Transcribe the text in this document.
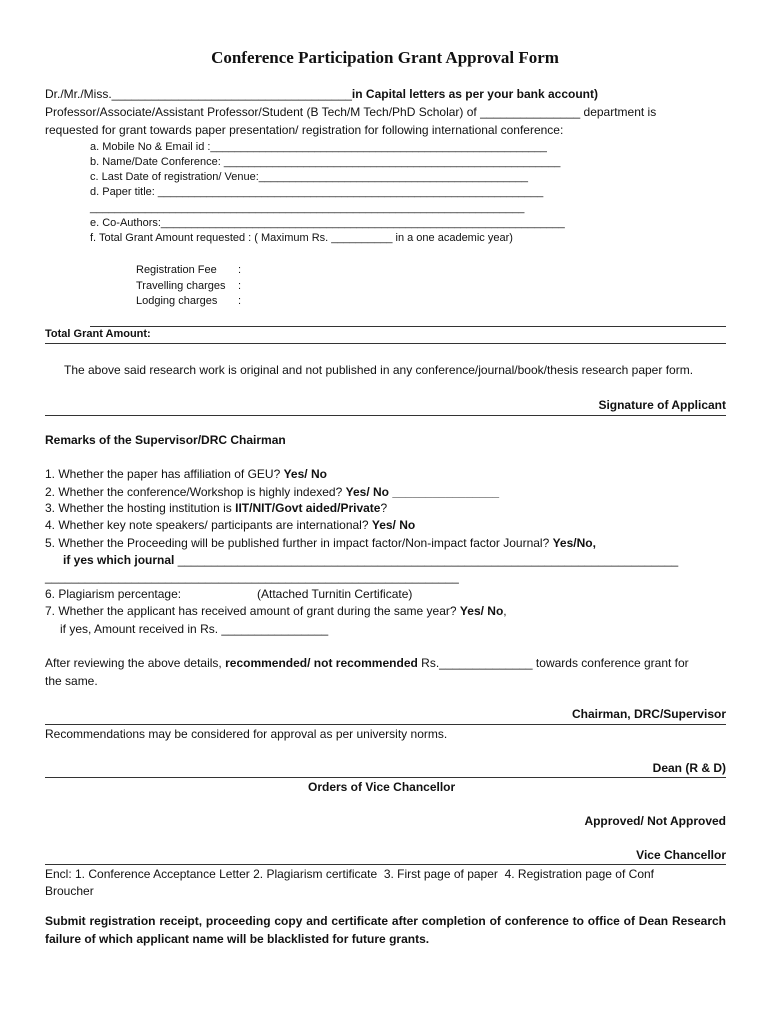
Conference Participation Grant Approval Form
Dr./Mr./Miss.____________________________________in Capital letters as per your bank account)
Professor/Associate/Assistant Professor/Student (B Tech/M Tech/PhD Scholar) of _______________ department is
requested for grant towards paper presentation/ registration for following international conference:
a. Mobile No & Email id :_______________________________________________________
b. Name/Date Conference: _______________________________________________________
c. Last Date of registration/ Venue:____________________________________________
d. Paper title: _______________________________________________________________
_______________________________________________________________________
e. Co-Authors:__________________________________________________________________
f. Total Grant Amount requested : ( Maximum Rs. __________ in a one academic year)
Registration Fee :
Travelling charges :
Lodging charges :
Total Grant Amount:
The above said research work is original and not published in any conference/journal/book/thesis research paper form.
Signature of Applicant
Remarks of the Supervisor/DRC Chairman
1. Whether the paper has affiliation of GEU? Yes/ No
2. Whether the conference/Workshop is highly indexed? Yes/ No ________________
3. Whether the hosting institution is IIT/NIT/Govt aided/Private?
4. Whether key note speakers/ participants are international? Yes/ No
5. Whether the Proceeding will be published further in impact factor/Non-impact factor Journal? Yes/No,
if yes which journal ___________________________________________________________________________
______________________________________________________________
6. Plagiarism percentage:	(Attached Turnitin Certificate)
7. Whether the applicant has received amount of grant during the same year? Yes/ No,
if yes, Amount received in Rs. ________________
After reviewing the above details, recommended/ not recommended Rs.______________ towards conference grant for
the same.
Chairman, DRC/Supervisor
Recommendations may be considered for approval as per university norms.
Dean (R & D)
Orders of Vice Chancellor
Approved/ Not Approved
Vice Chancellor
Encl: 1. Conference Acceptance Letter 2. Plagiarism certificate  3. First page of paper  4. Registration page of Conf
Broucher
Submit registration receipt, proceeding copy and certificate after completion of conference to office of Dean Research failure of which applicant name will be blacklisted for future grants.
